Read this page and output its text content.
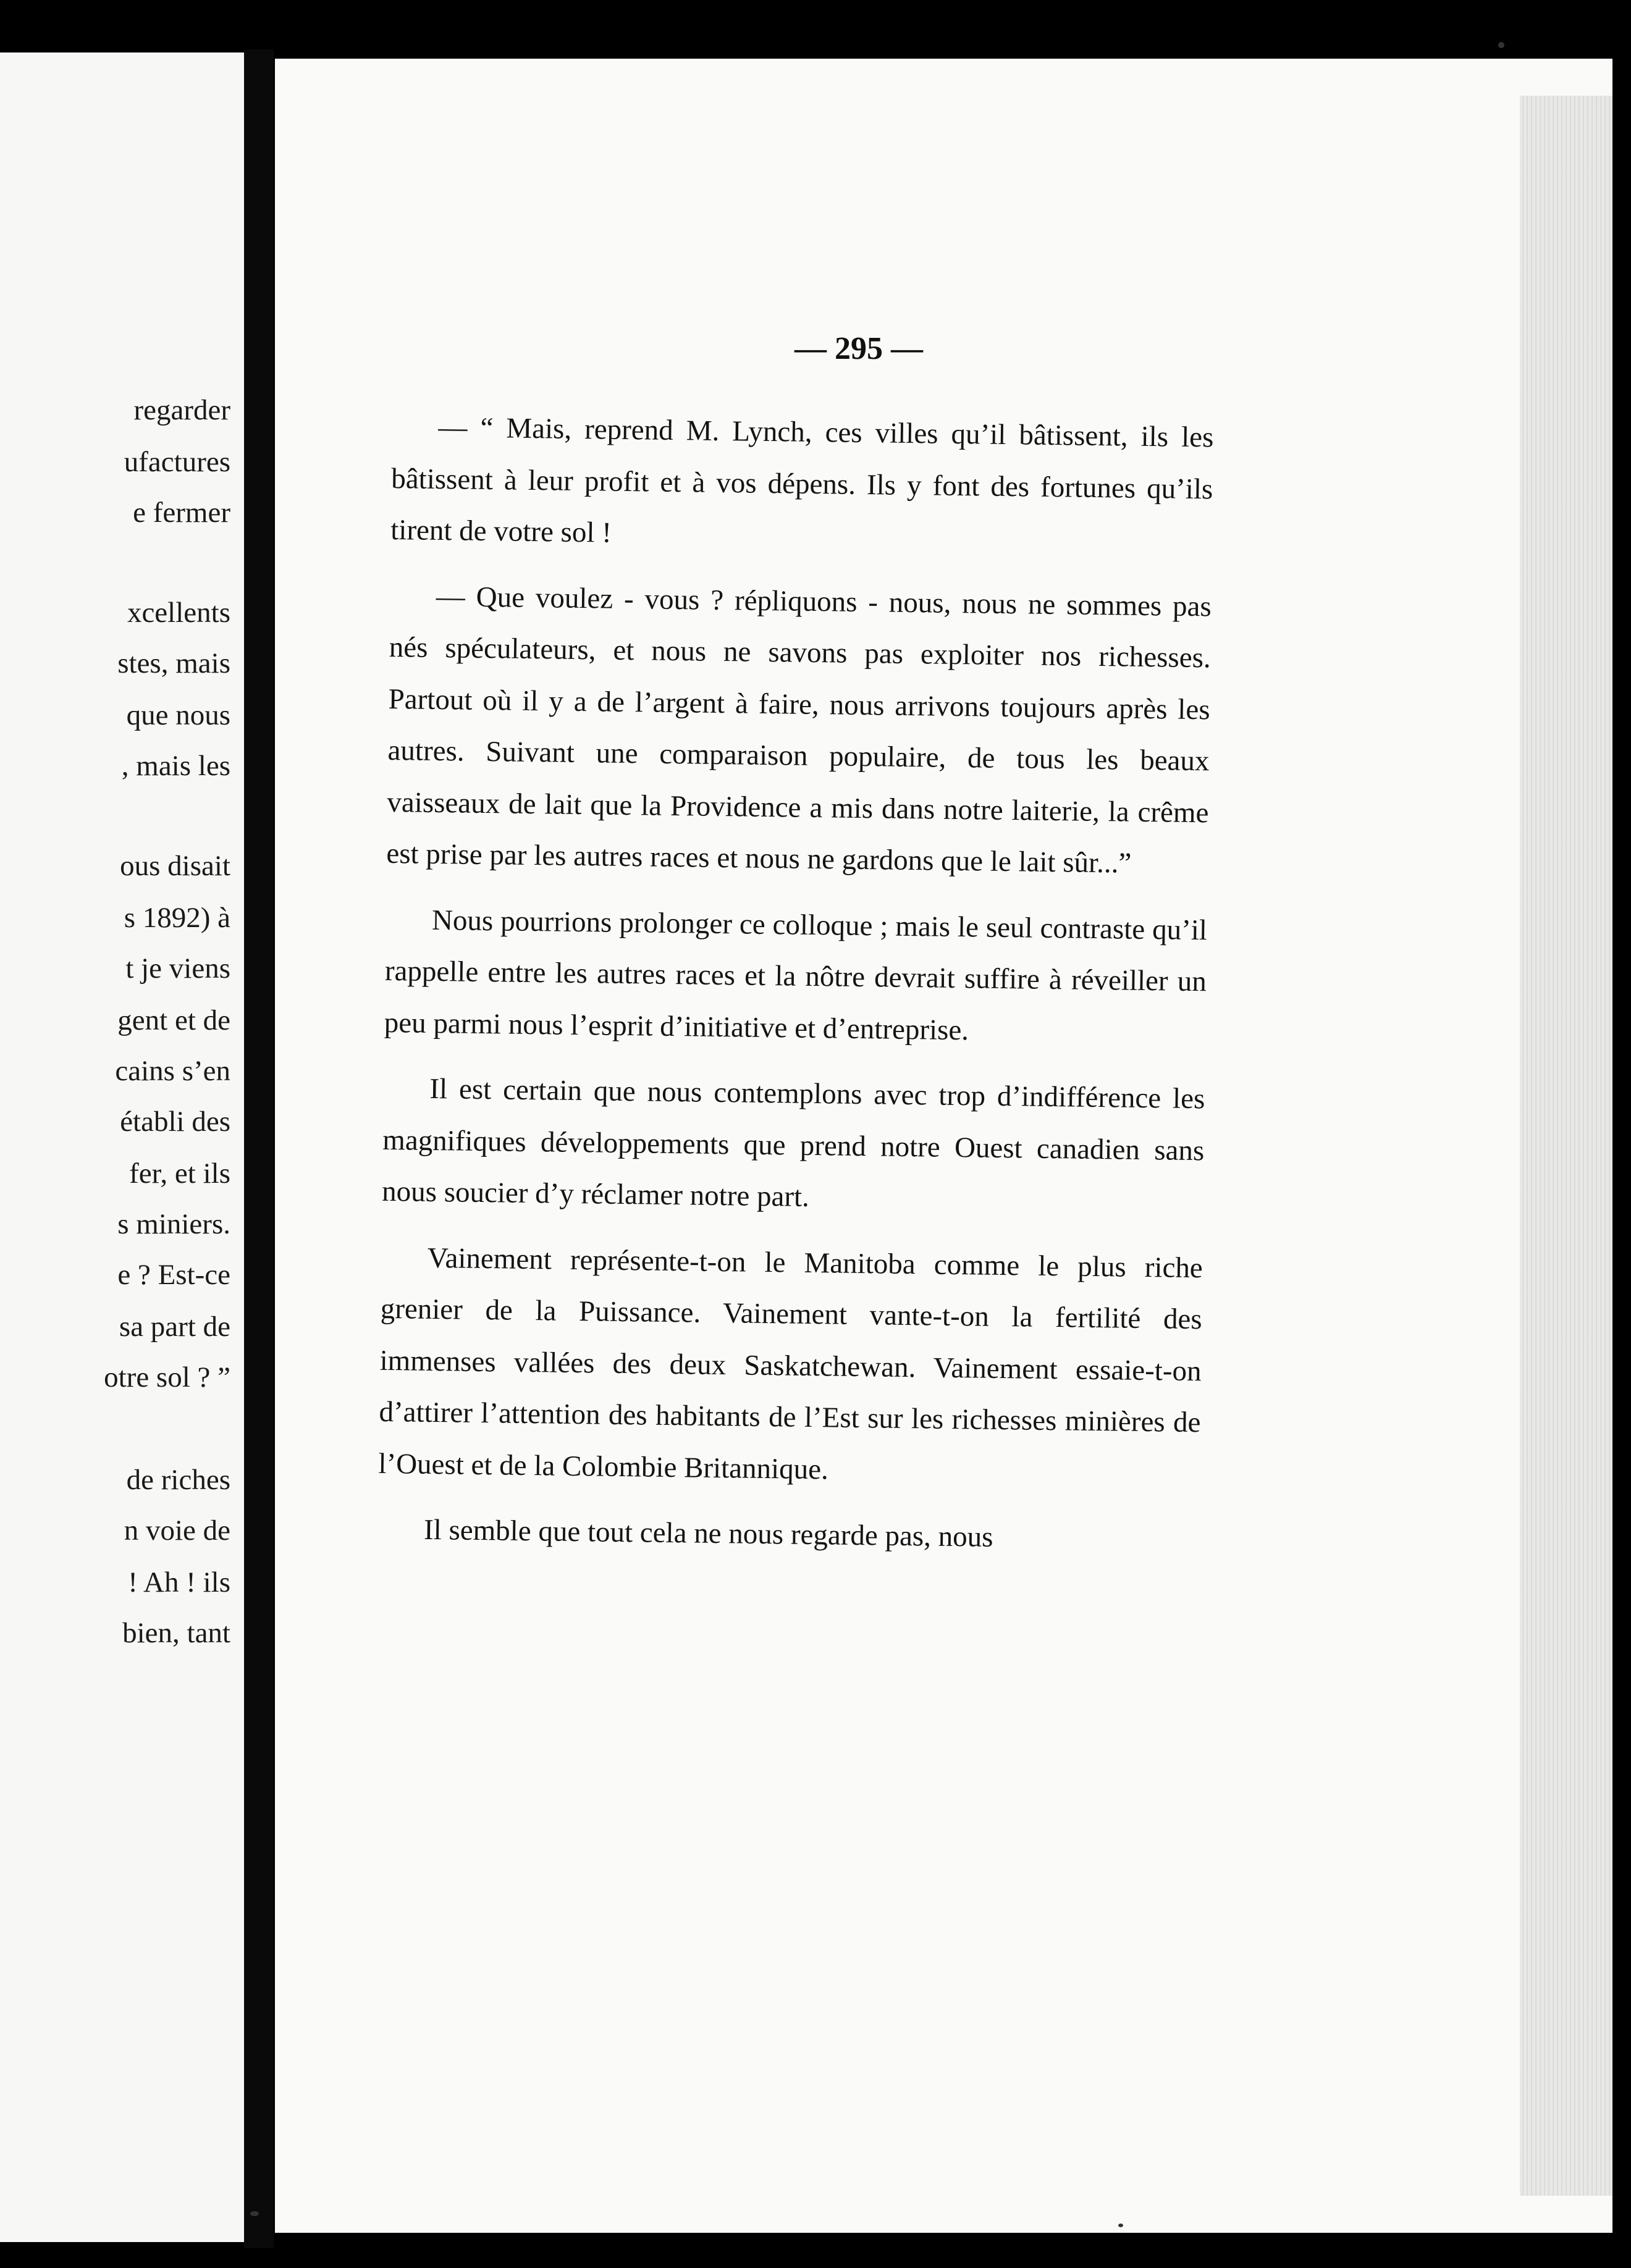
regarder
ufactures
e fermer
xcellents
stes, mais
que nous
, mais les
ous disait
s 1892) à
t je viens
gent et de
cains s’en
établi des
fer, et ils
s miniers.
e ? Est-ce
sa part de
otre sol ? ”
de riches
n voie de
! Ah ! ils
bien, tant
— 295 —

— “ Mais, reprend M. Lynch, ces villes qu’il bâtissent, ils les bâtissent à leur profit et à vos dépens. Ils y font des fortunes qu’ils tirent de votre sol !

— Que voulez - vous ? répliquons - nous, nous ne sommes pas nés spéculateurs, et nous ne savons pas exploiter nos richesses. Partout où il y a de l’argent à faire, nous arrivons toujours après les autres. Suivant une comparaison populaire, de tous les beaux vaisseaux de lait que la Providence a mis dans notre laiterie, la crême est prise par les autres races et nous ne gardons que le lait sûr...”

Nous pourrions prolonger ce colloque ; mais le seul contraste qu’il rappelle entre les autres races et la nôtre devrait suffire à réveiller un peu parmi nous l’esprit d’initiative et d’entreprise.

Il est certain que nous contemplons avec trop d’indifférence les magnifiques développements que prend notre Ouest canadien sans nous soucier d’y réclamer notre part.

Vainement représente-t-on le Manitoba comme le plus riche grenier de la Puissance. Vainement vante-t-on la fertilité des immenses vallées des deux Saskatchewan. Vainement essaie-t-on d’attirer l’attention des habitants de l’Est sur les richesses minières de l’Ouest et de la Colombie Britannique.

Il semble que tout cela ne nous regarde pas, nous
